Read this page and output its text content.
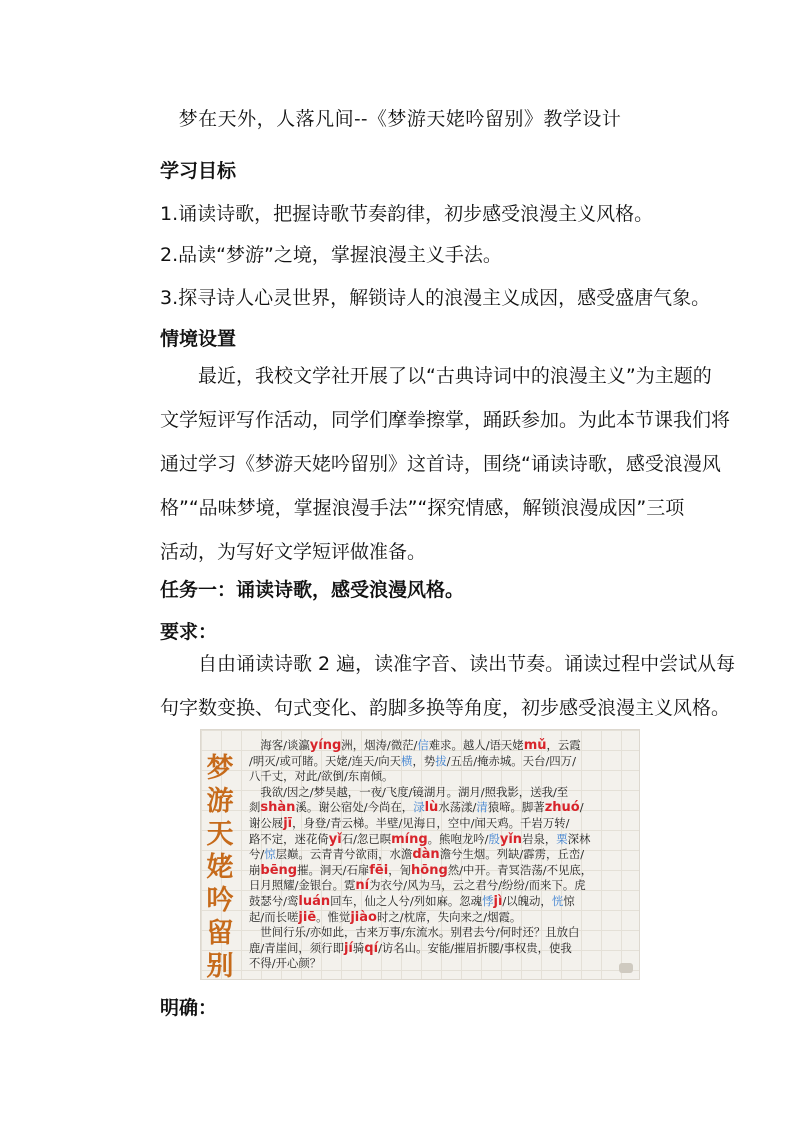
梦在天外，人落凡间--《梦游天姥吟留别》教学设计
学习目标
1.诵读诗歌，把握诗歌节奏韵律，初步感受浪漫主义风格。
2.品读“梦游”之境，掌握浪漫主义手法。
3.探寻诗人心灵世界，解锁诗人的浪漫主义成因，感受盛唐气象。
情境设置
　　最近，我校文学社开展了以“古典诗词中的浪漫主义”为主题的
文学短评写作活动，同学们摩拳擦掌，踊跃参加。为此本节课我们将
通过学习《梦游天姥吟留别》这首诗，围绕“诵读诗歌，感受浪漫风
格”“品味梦境，掌握浪漫手法”“探究情感，解锁浪漫成因”三项
活动，为写好文学短评做准备。
任务一：诵读诗歌，感受浪漫风格。
要求：
　　自由诵读诗歌 2 遍，读准字音、读出节奏。诵读过程中尝试从每
句字数变换、句式变化、韵脚多换等角度，初步感受浪漫主义风格。
梦
游
天
姥
吟
留
别
　海客/谈瀛yíng洲，烟涛/微茫/信难求。越人/语天姥mǔ，云霞
/明灭/或可睹。天姥/连天/向天横，势拔/五岳/掩赤城。天台/四万/
八千丈，对此/欲倒/东南倾。
　我欲/因之/梦吴越，一夜/飞度/镜湖月。湖月/照我影，送我/至
剡shàn溪。谢公宿处/今尚在，渌lù水荡漾/清猿啼。脚著zhuó/
谢公屐jī，身登/青云梯。半壁/见海日，空中/闻天鸡。千岩万转/
路不定，迷花倚yǐ石/忽已暝míng。熊咆龙吟/殷yǐn岩泉，栗深林
兮/惊层巅。云青青兮欲雨，水澹dàn澹兮生烟。列缺/霹雳，丘峦/
崩bēng摧。洞天/石扉fēi，訇hōng然/中开。青冥浩荡/不见底，
日月照耀/金银台。霓ní为衣兮/风为马，云之君兮/纷纷/而来下。虎
鼓瑟兮/鸾luán回车，仙之人兮/列如麻。忽魂悸jì/以魄动，恍惊
起/而长嗟jiē。惟觉jiào时之/枕席，失向来之/烟霞。
　世间行乐/亦如此，古来万事/东流水。别君去兮/何时还？且放白
鹿/青崖间，须行即jí骑qí/访名山。安能/摧眉折腰/事权贵，使我
不得/开心颜？
明确：
